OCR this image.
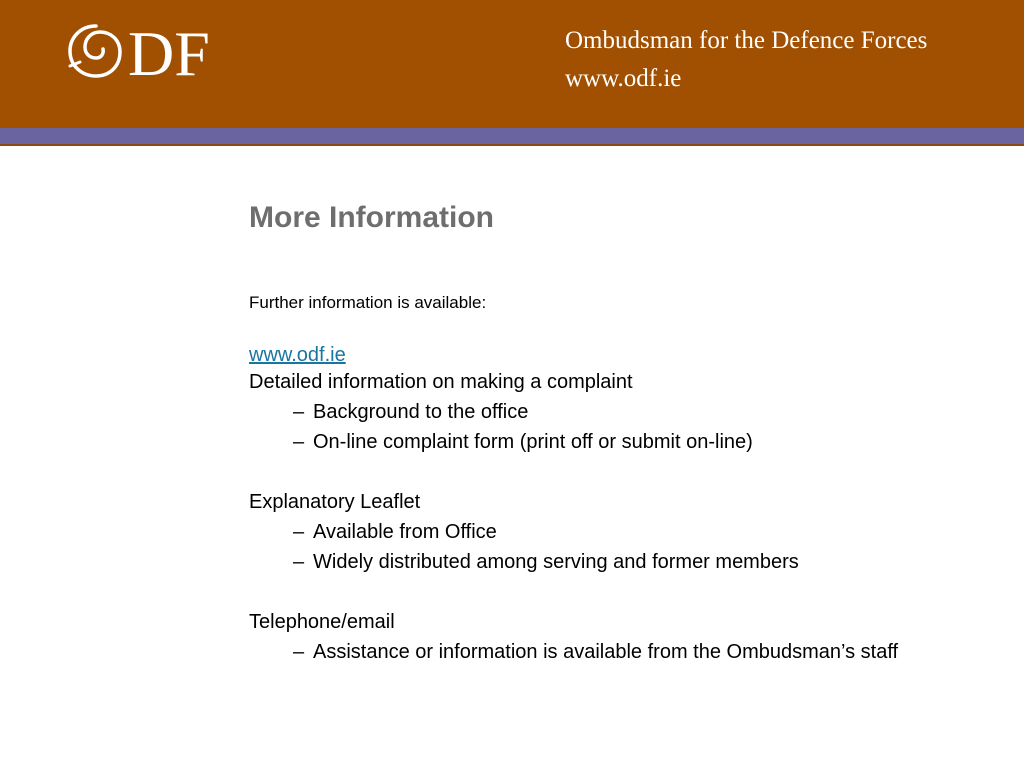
DF	Ombudsman for the Defence Forces
www.odf.ie
More Information
Further information is available:
www.odf.ie
Detailed information on making a complaint
– Background to the office
– On-line complaint form (print off or submit on-line)
Explanatory Leaflet
– Available from Office
– Widely distributed among serving and former members
Telephone/email
– Assistance or information is available from the Ombudsman’s staff
